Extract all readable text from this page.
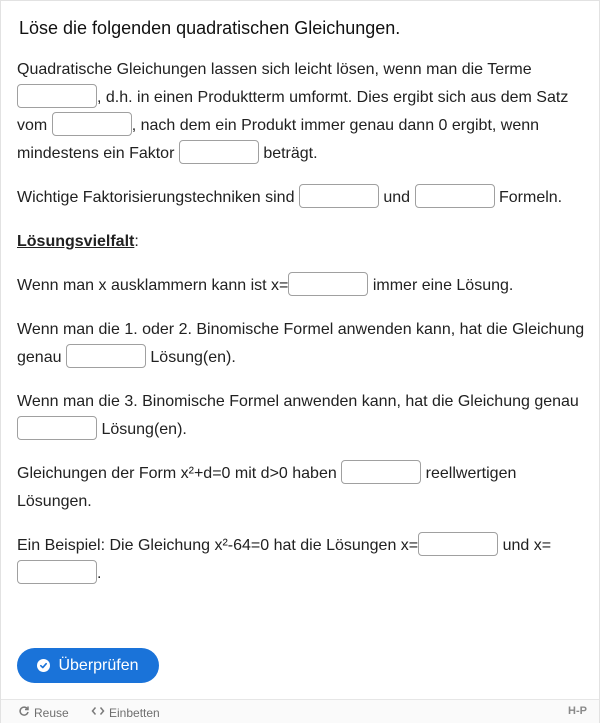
Löse die folgenden quadratischen Gleichungen.

Quadratische Gleichungen lassen sich leicht lösen, wenn man die Terme , d.h. in einen Produktterm umformt. Dies ergibt sich aus dem Satz vom	, nach dem ein Produkt immer genau dann 0 ergibt, wenn mindestens ein Faktor	beträgt.

Wichtige Faktorisierungstechniken sind	und	Formeln.

Lösungsvielfalt:

Wenn man x ausklammern kann ist x=	immer eine Lösung.

Wenn man die 1. oder 2. Binomische Formel anwenden kann, hat die Gleichung genau	Lösung(en).

Wenn man die 3. Binomische Formel anwenden kann, hat die Gleichung genau  Lösung(en).

Gleichungen der Form x²+d=0 mit d>0 haben	reellwertigen Lösungen.

Ein Beispiel: Die Gleichung x²-64=0 hat die Lösungen x=	und x= .

Überprüfen
Reuse	Einbetten	H-P
